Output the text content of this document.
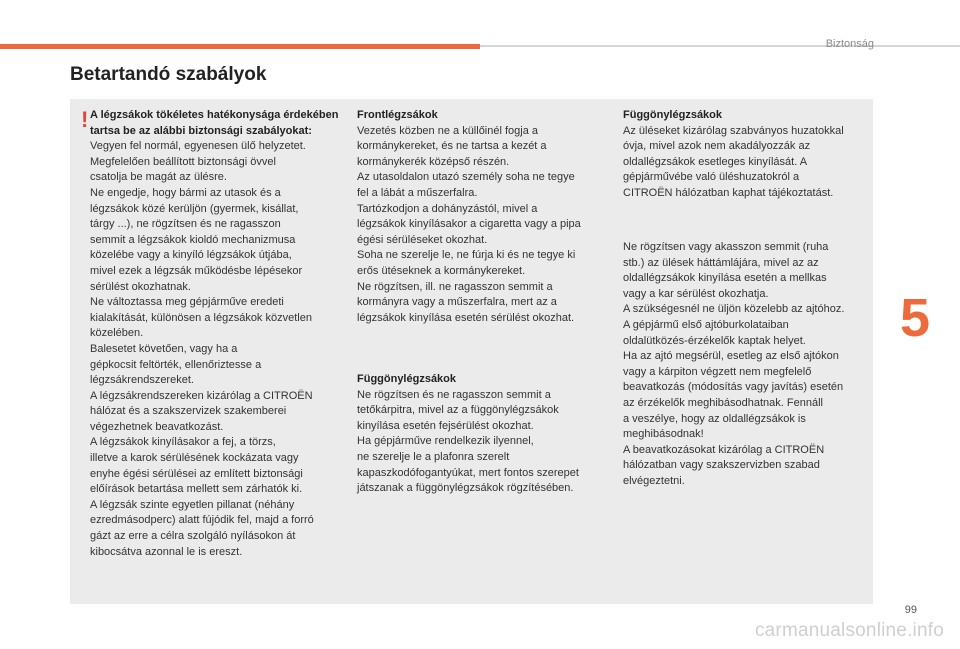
Biztonság
Betartandó szabályok
! A légzsákok tökéletes hatékonysága érdekében tartsa be az alábbi biztonsági szabályokat:

Vegyen fel normál, egyenesen ülő helyzetet.
Megfelelően beállított biztonsági övvel
csatolja be magát az ülésre.
Ne engedje, hogy bármi az utasok és a
légzsákok közé kerüljön (gyermek, kisállat,
tárgy ...), ne rögzítsen és ne ragasszon
semmit a légzsákok kioldó mechanizmusa
közelébe vagy a kinyíló légzsákok útjába,
mivel ezek a légzsák működésbe lépésekor
sérülést okozhatnak.
Ne változtassa meg gépjárműve eredeti
kialakítását, különösen a légzsákok közvetlen
közelében.
Balesetet követően, vagy ha a
gépkocsit feltörték, ellenőriztesse a
légzsákrendszereket.
A légzsákrendszereken kizárólag a CITROËN
hálózat és a szakszervizek szakemberei
végezhetnek beavatkozást.
A légzsákok kinyílásakor a fej, a törzs,
illetve a karok sérülésének kockázata vagy
enyhe égési sérülései az említett biztonsági
előírások betartása mellett sem zárhatók ki.
A légzsák szinte egyetlen pillanat (néhány
ezredmásodperc) alatt fújódik fel, majd a forró
gázt az erre a célra szolgáló nyílásokon át
kibocsátva azonnal le is ereszt.

Frontlégzsákok

Vezetés közben ne a küllőinél fogja a
kormánykereket, és ne tartsa a kezét a
kormánykerék középső részén.
Az utasoldalon utazó személy soha ne tegye
fel a lábát a műszerfalra.
Tartózkodjon a dohányzástól, mivel a
légzsákok kinyílásakor a cigaretta vagy a pipa
égési sérüléseket okozhat.
Soha ne szerelje le, ne fúrja ki és ne tegye ki
erős ütéseknek a kormánykereket.
Ne rögzítsen, ill. ne ragasszon semmit a
kormányra vagy a műszerfalra, mert az a
légzsákok kinyílása esetén sérülést okozhat.

Függönylégzsákok

Ne rögzítsen és ne ragasszon semmit a
tetőkárpitra, mivel az a függönylégzsákok
kinyílása esetén fejsérülést okozhat.
Ha gépjárműve rendelkezik ilyennel,
ne szerelje le a plafonra szerelt
kapaszkodófogantyúkat, mert fontos szerepet
játszanak a függönylégzsákok rögzítésében.

Függönylégzsákok

Az üléseket kizárólag szabványos huzatokkal
óvja, mivel azok nem akadályozzák az
oldallégzsákok esetleges kinyílását. A
gépjárművébe való üléshuzatokról a
CITROËN hálózatban kaphat tájékoztatást.
Ne rögzítsen vagy akasszon semmit (ruha
stb.) az ülések háttámlájára, mivel az az
oldallégzsákok kinyílása esetén a mellkas
vagy a kar sérülést okozhatja.
A szükségesnél ne üljön közelebb az ajtóhoz.
A gépjármű első ajtóburkolataiban
oldalütközés-érzékelők kaptak helyet.
Ha az ajtó megsérül, esetleg az első ajtókon
vagy a kárpiton végzett nem megfelelő
beavatkozás (módosítás vagy javítás) esetén
az érzékelők meghibásodhatnak. Fennáll
a veszélye, hogy az oldallégzsákok is
meghibásodnak!
A beavatkozásokat kizárólag a CITROËN
hálózatban vagy szakszervizben szabad
elvégeztetni.
5
99
carmanualsonline.info
